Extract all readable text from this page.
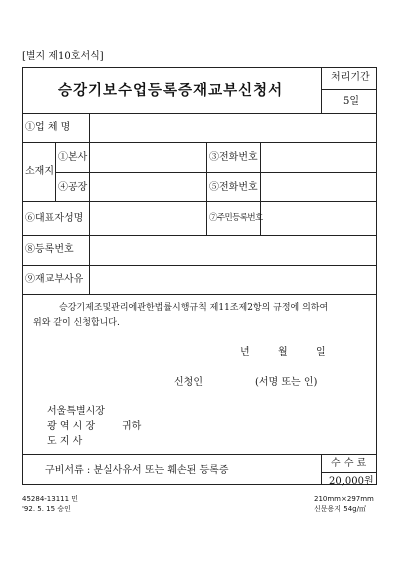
[별지 제10호서식]
승강기보수업등록증재교부신청서
처리기간
5일
①업 체 명
소재지
①본사	③전화번호
④공장	⑤전화번호
⑥대표자성명	⑦주민등록번호
⑧등록번호
⑨재교부사유
승강기제조및관리에관한법률시행규칙 제11조제2항의 규정에 의하여
위와 같이 신청합니다.
년	월	일
신청인	(서명 또는 인)
서울특별시장
광 역 시 장	귀하
도 지 사
구비서류 : 분실사유서 또는 훼손된 등록증
수 수 료
20,000원
45284-13111 민
'92. 5. 15 승인
210mm×297mm
신문용지 54g/㎡
